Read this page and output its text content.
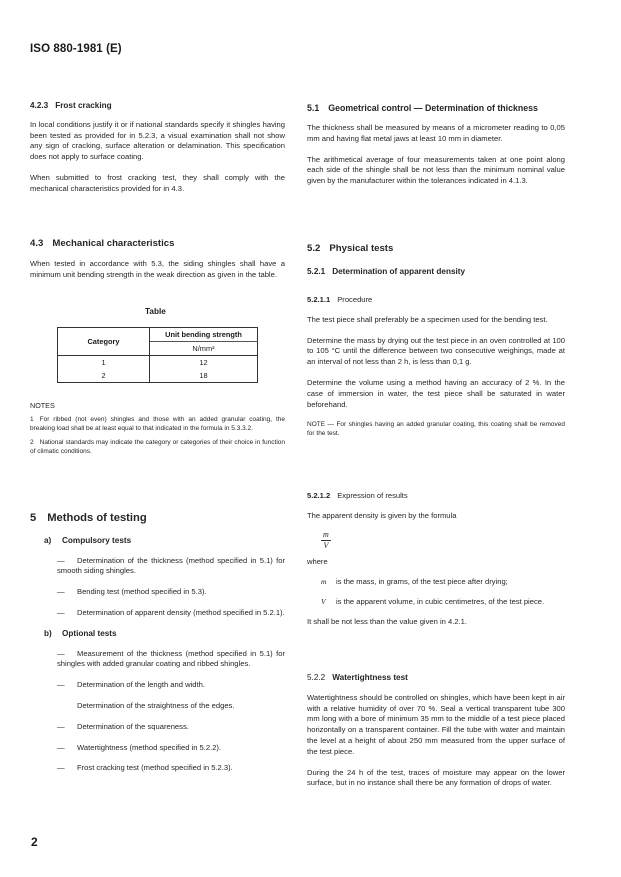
ISO 880-1981 (E)
4.2.3 Frost cracking

In local conditions justify it or if national standards specify it shingles having been tested as provided for in 5.2.3, a visual examination shall not show any sign of cracking, surface alteration or delamination. This specification does not apply to surface coating.

When submitted to frost cracking test, they shall comply with the mechanical characteristics provided for in 4.3.

4.3 Mechanical characteristics

When tested in accordance with 5.3, the siding shingles shall have a minimum unit bending strength in the weak direction as given in the table.

Table
Category	Unit bending strength
	N/mm²
1	12
2	18
NOTES

1 For ribbed (not even) shingles and those with an added granular coating, the breaking load shall be at least equal to that indicated in the formula in 5.3.3.2.

2 National standards may indicate the category or categories of their choice in function of climatic conditions.

5 Methods of testing
a) Compulsory tests

— Determination of the thickness (method specified in 5.1) for smooth siding shingles.

— Bending test (method specified in 5.3).

— Determination of apparent density (method specified in 5.2.1).

b) Optional tests

— Measurement of the thickness (method specified in 5.1) for shingles with added granular coating and ribbed shingles.

— Determination of the length and width.

Determination of the straightness of the edges.

— Determination of the squareness.

— Watertightness (method specified in 5.2.2).

— Frost cracking test (method specified in 5.2.3).

2
5.1 Geometrical control — Determination of thickness

The thickness shall be measured by means of a micrometer reading to 0,05 mm and having flat metal jaws at least 10 mm in diameter.

The arithmetical average of four measurements taken at one point along each side of the shingle shall be not less than the minimum nominal value given by the manufacturer within the tolerances indicated in 4.1.3.

5.2 Physical tests
5.2.1 Determination of apparent density
5.2.1.1 Procedure

The test piece shall preferably be a specimen used for the bending test.

Determine the mass by drying out the test piece in an oven controlled at 100 to 105 °C until the difference between two consecutive weighings, made at an interval of not less than 2 h, is less than 0,1 g.

Determine the volume using a method having an accuracy of 2 %. In the case of immersion in water, the test piece shall be saturated in water beforehand.

NOTE — For shingles having an added granular coating, this coating shall be removed for the test.

5.2.1.2 Expression of results

The apparent density is given by the formula

$\frac{m}{V}$

where

m is the mass, in grams, of the test piece after drying;

V is the apparent volume, in cubic centimetres, of the test piece.

It shall be not less than the value given in 4.2.1.

5.2.2 Watertightness test

Watertightness should be controlled on shingles, which have been kept in air with a relative humidity of over 70 %. Seal a vertical transparent tube 300 mm long with a bore of minimum 35 mm to the middle of a test piece placed horizontally on a transparent container. Fill the tube with water and maintain the level at a height of about 250 mm measured from the upper surface of the test piece.

During the 24 h of the test, traces of moisture may appear on the lower surface, but in no instance shall there be any formation of drops of water.
